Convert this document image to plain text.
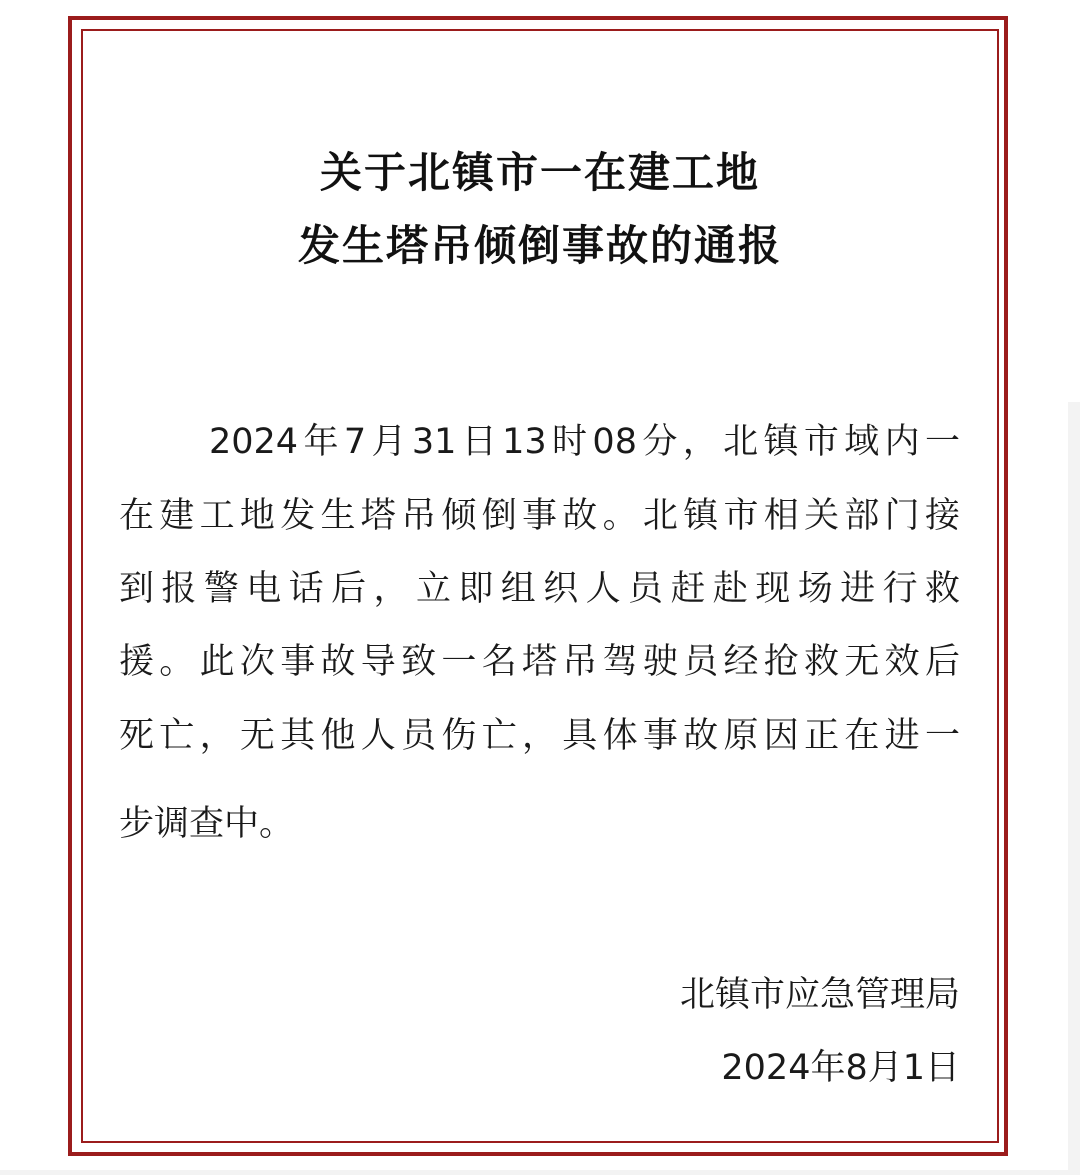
关于北镇市一在建工地
发生塔吊倾倒事故的通报
2024年7月31日13时08分，北镇市域内一
在建工地发生塔吊倾倒事故。北镇市相关部门接
到报警电话后，立即组织人员赶赴现场进行救
援。此次事故导致一名塔吊驾驶员经抢救无效后
死亡，无其他人员伤亡，具体事故原因正在进一
步调查中。
北镇市应急管理局
2024年8月1日
